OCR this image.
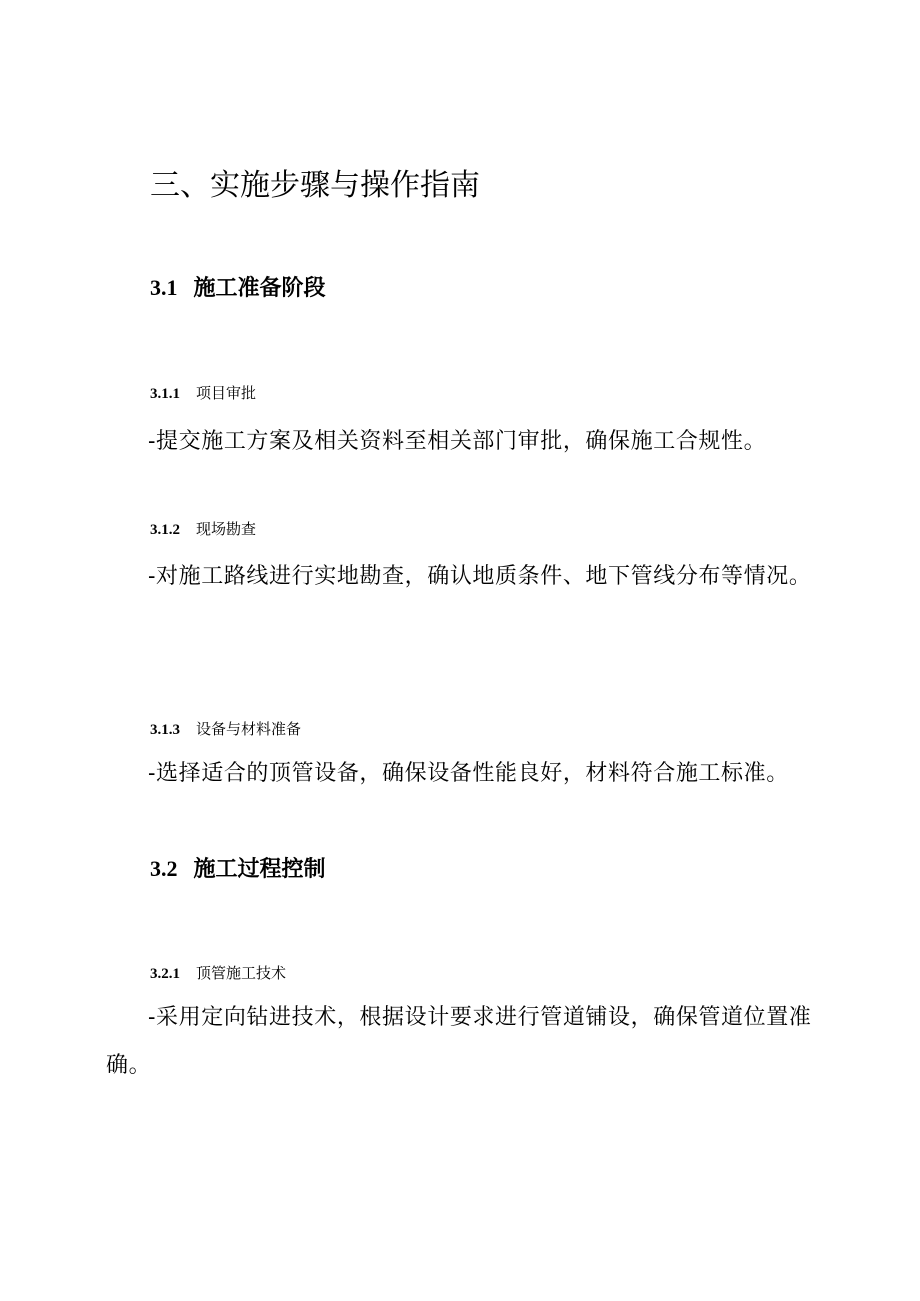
三、实施步骤与操作指南
3.1 施工准备阶段
3.1.1 项目审批

-提交施工方案及相关资料至相关部门审批，确保施工合规性。

3.1.2 现场勘查

-对施工路线进行实地勘查，确认地质条件、地下管线分布等情况。

3.1.3 设备与材料准备

-选择适合的顶管设备，确保设备性能良好，材料符合施工标准。

3.2 施工过程控制
3.2.1 顶管施工技术

-采用定向钻进技术，根据设计要求进行管道铺设，确保管道位置准确。
